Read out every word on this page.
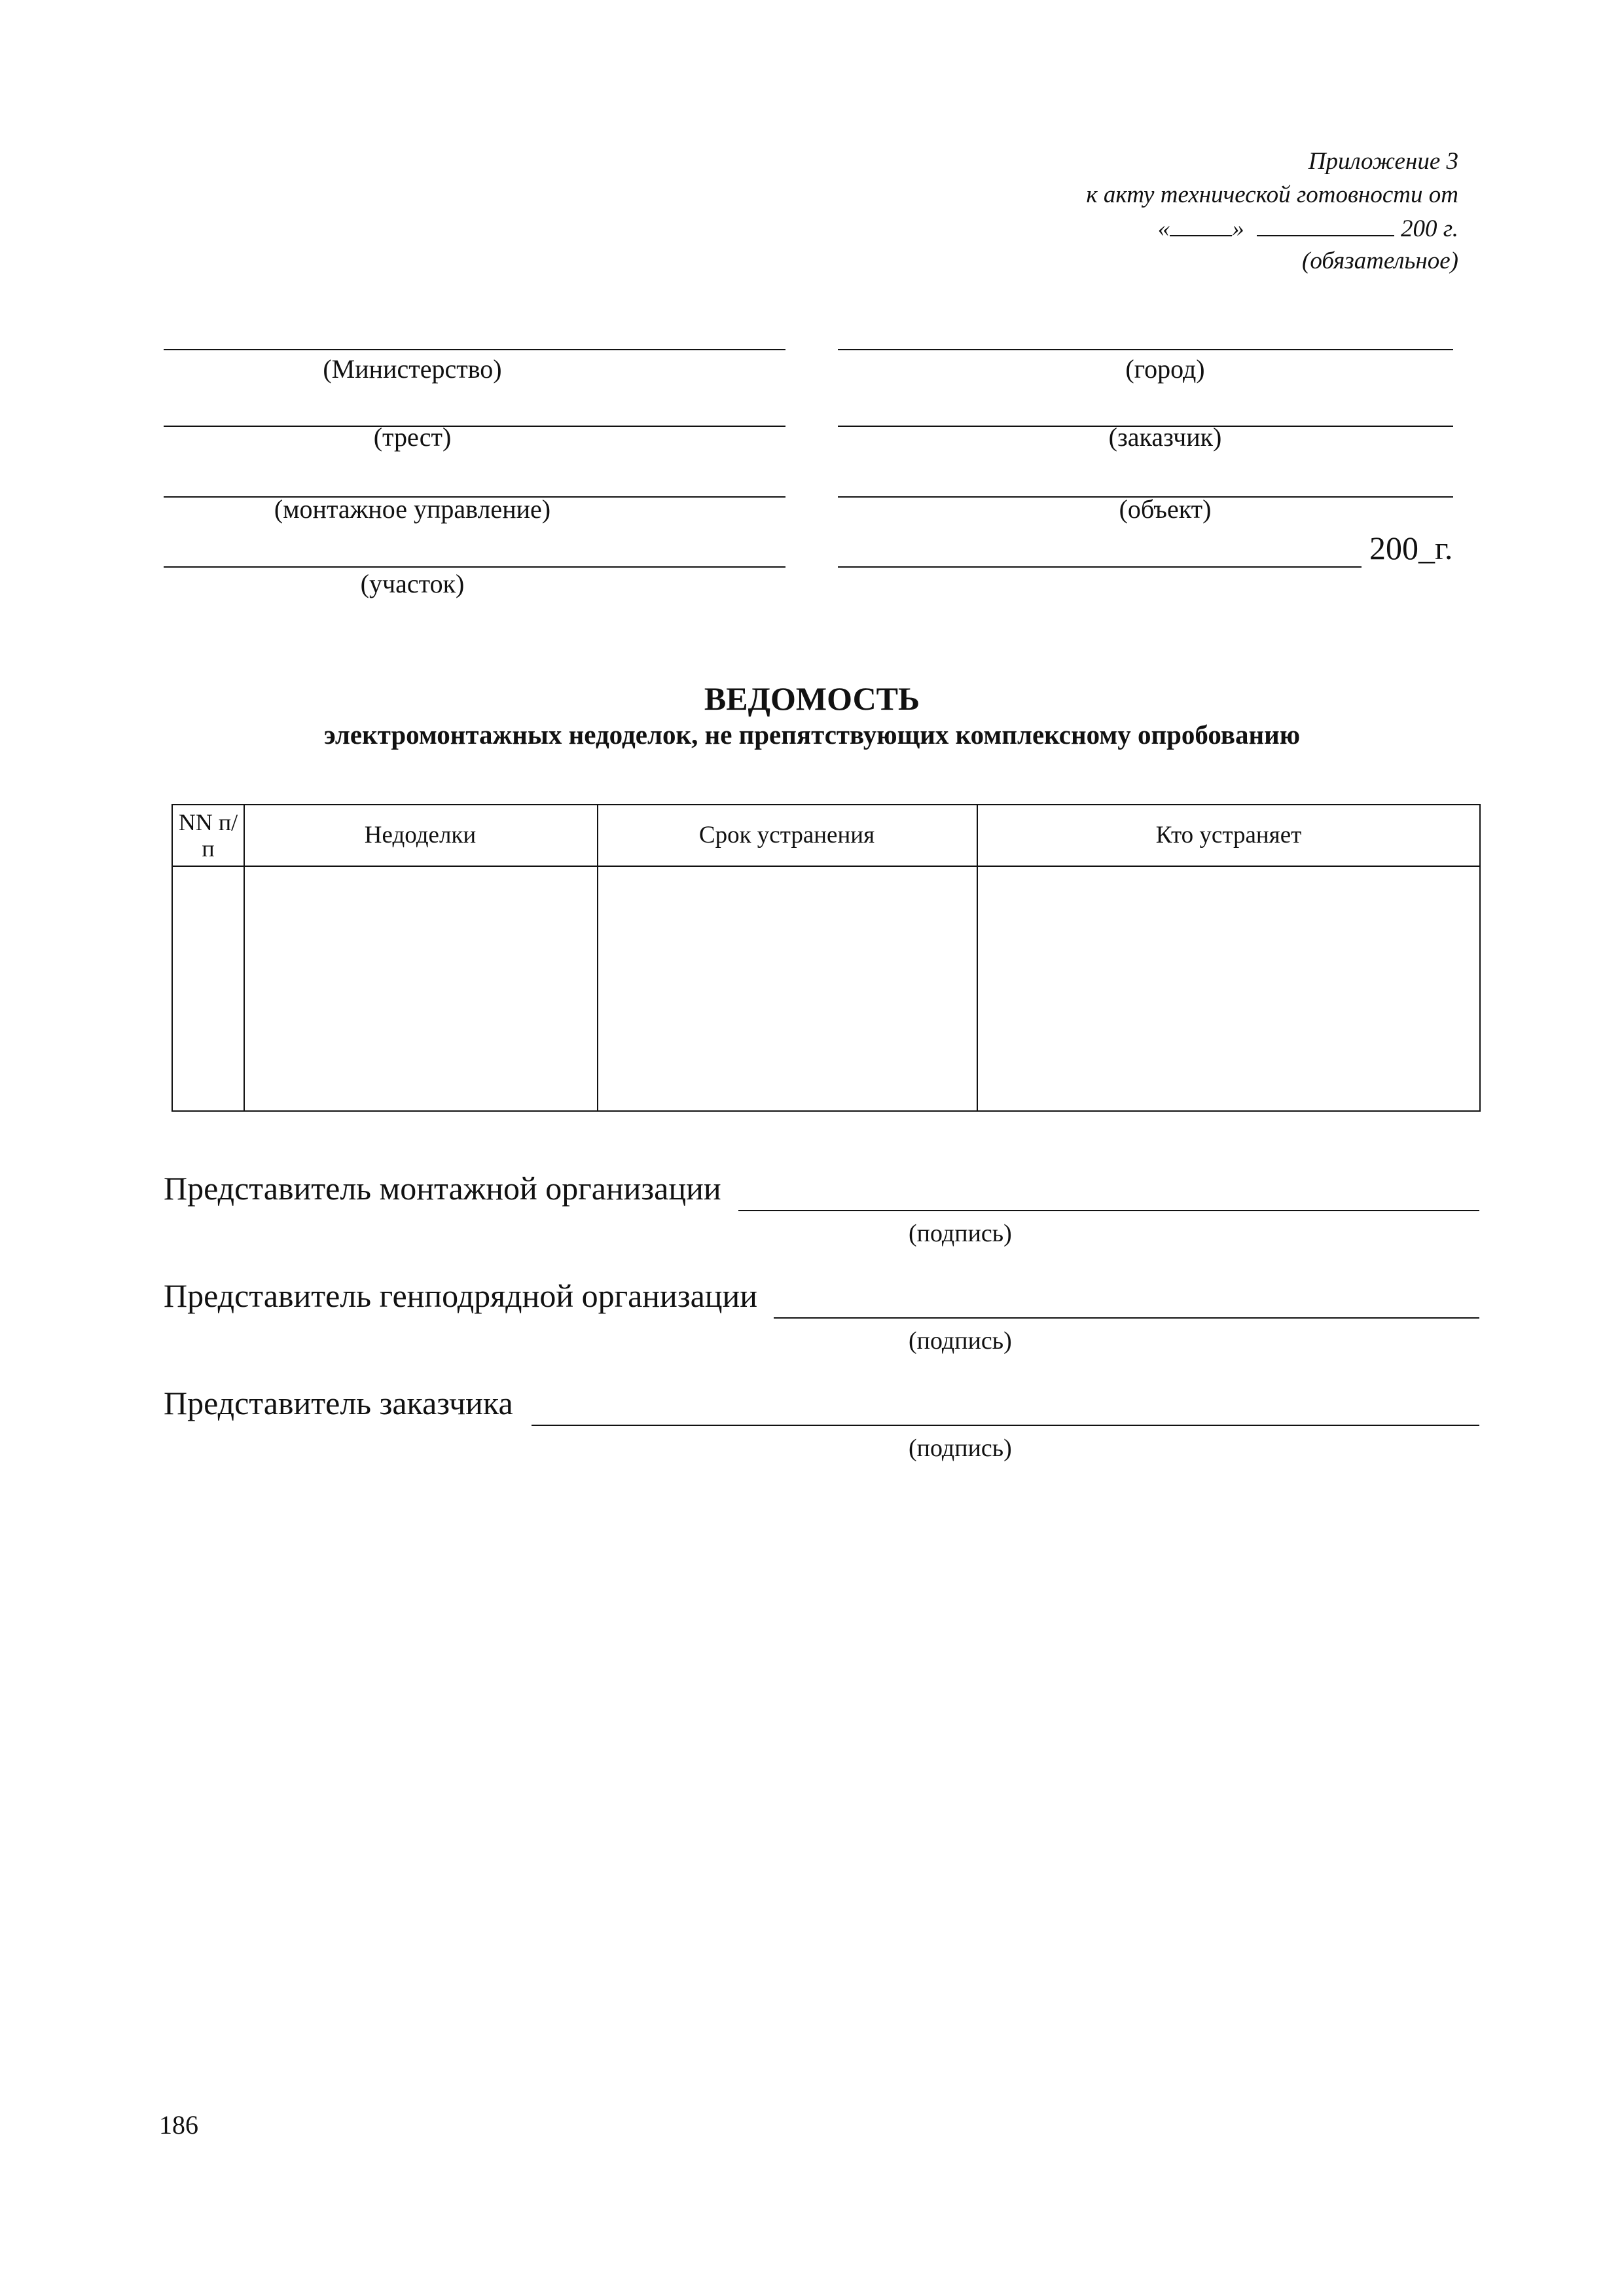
Приложение 3
к акту технической готовности от
«	»	200 г.
(обязательное)
(Министерство)
(трест)
(монтажное управление)
(участок)
(город)
(заказчик)
(объект)
200_г.
ВЕДОМОСТЬ
электромонтажных недоделок, не препятствующих комплексному опробованию
NN п/п	Недоделки	Срок устранения	Кто устраняет
Представитель монтажной организации
(подпись)
Представитель генподрядной организации
(подпись)
Представитель заказчика
(подпись)
186
